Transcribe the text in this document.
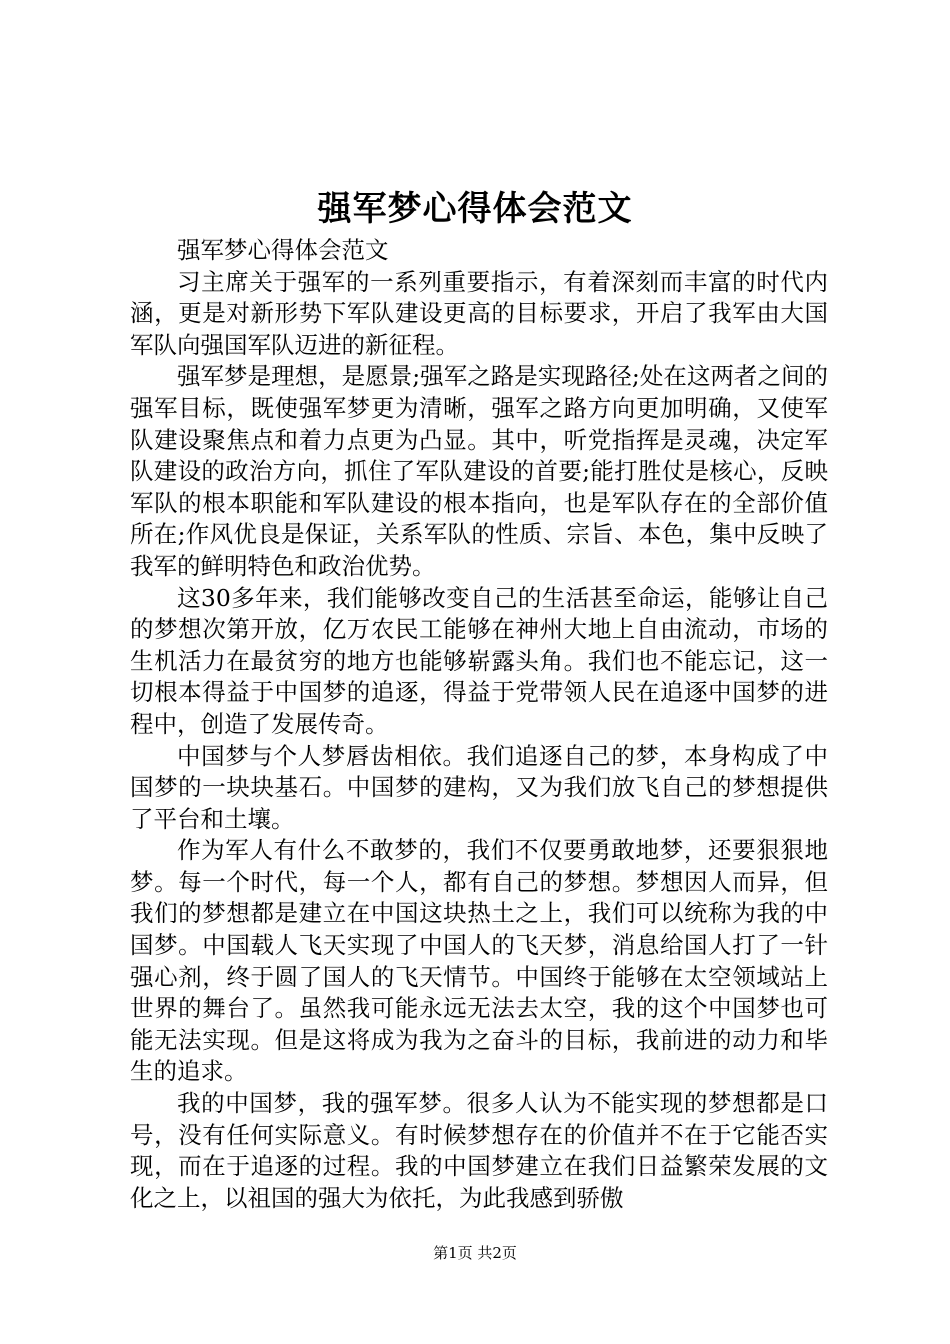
强军梦心得体会范文

强军梦心得体会范文

习主席关于强军的一系列重要指示，有着深刻而丰富的时代内涵，更是对新形势下军队建设更高的目标要求，开启了我军由大国军队向强国军队迈进的新征程。

强军梦是理想，是愿景;强军之路是实现路径;处在这两者之间的强军目标，既使强军梦更为清晰，强军之路方向更加明确，又使军队建设聚焦点和着力点更为凸显。其中，听党指挥是灵魂，决定军队建设的政治方向，抓住了军队建设的首要;能打胜仗是核心，反映军队的根本职能和军队建设的根本指向，也是军队存在的全部价值所在;作风优良是保证，关系军队的性质、宗旨、本色，集中反映了我军的鲜明特色和政治优势。

这30多年来，我们能够改变自己的生活甚至命运，能够让自己的梦想次第开放，亿万农民工能够在神州大地上自由流动，市场的生机活力在最贫穷的地方也能够崭露头角。我们也不能忘记，这一切根本得益于中国梦的追逐，得益于党带领人民在追逐中国梦的进程中，创造了发展传奇。

中国梦与个人梦唇齿相依。我们追逐自己的梦，本身构成了中国梦的一块块基石。中国梦的建构，又为我们放飞自己的梦想提供了平台和土壤。

作为军人有什么不敢梦的，我们不仅要勇敢地梦，还要狠狠地梦。每一个时代，每一个人，都有自己的梦想。梦想因人而异，但我们的梦想都是建立在中国这块热土之上，我们可以统称为我的中国梦。中国载人飞天实现了中国人的飞天梦，消息给国人打了一针强心剂，终于圆了国人的飞天情节。中国终于能够在太空领域站上世界的舞台了。虽然我可能永远无法去太空，我的这个中国梦也可能无法实现。但是这将成为我为之奋斗的目标，我前进的动力和毕生的追求。

我的中国梦，我的强军梦。很多人认为不能实现的梦想都是口号，没有任何实际意义。有时候梦想存在的价值并不在于它能否实现，而在于追逐的过程。我的中国梦建立在我们日益繁荣发展的文化之上，以祖国的强大为依托，为此我感到骄傲

第1页 共2页
